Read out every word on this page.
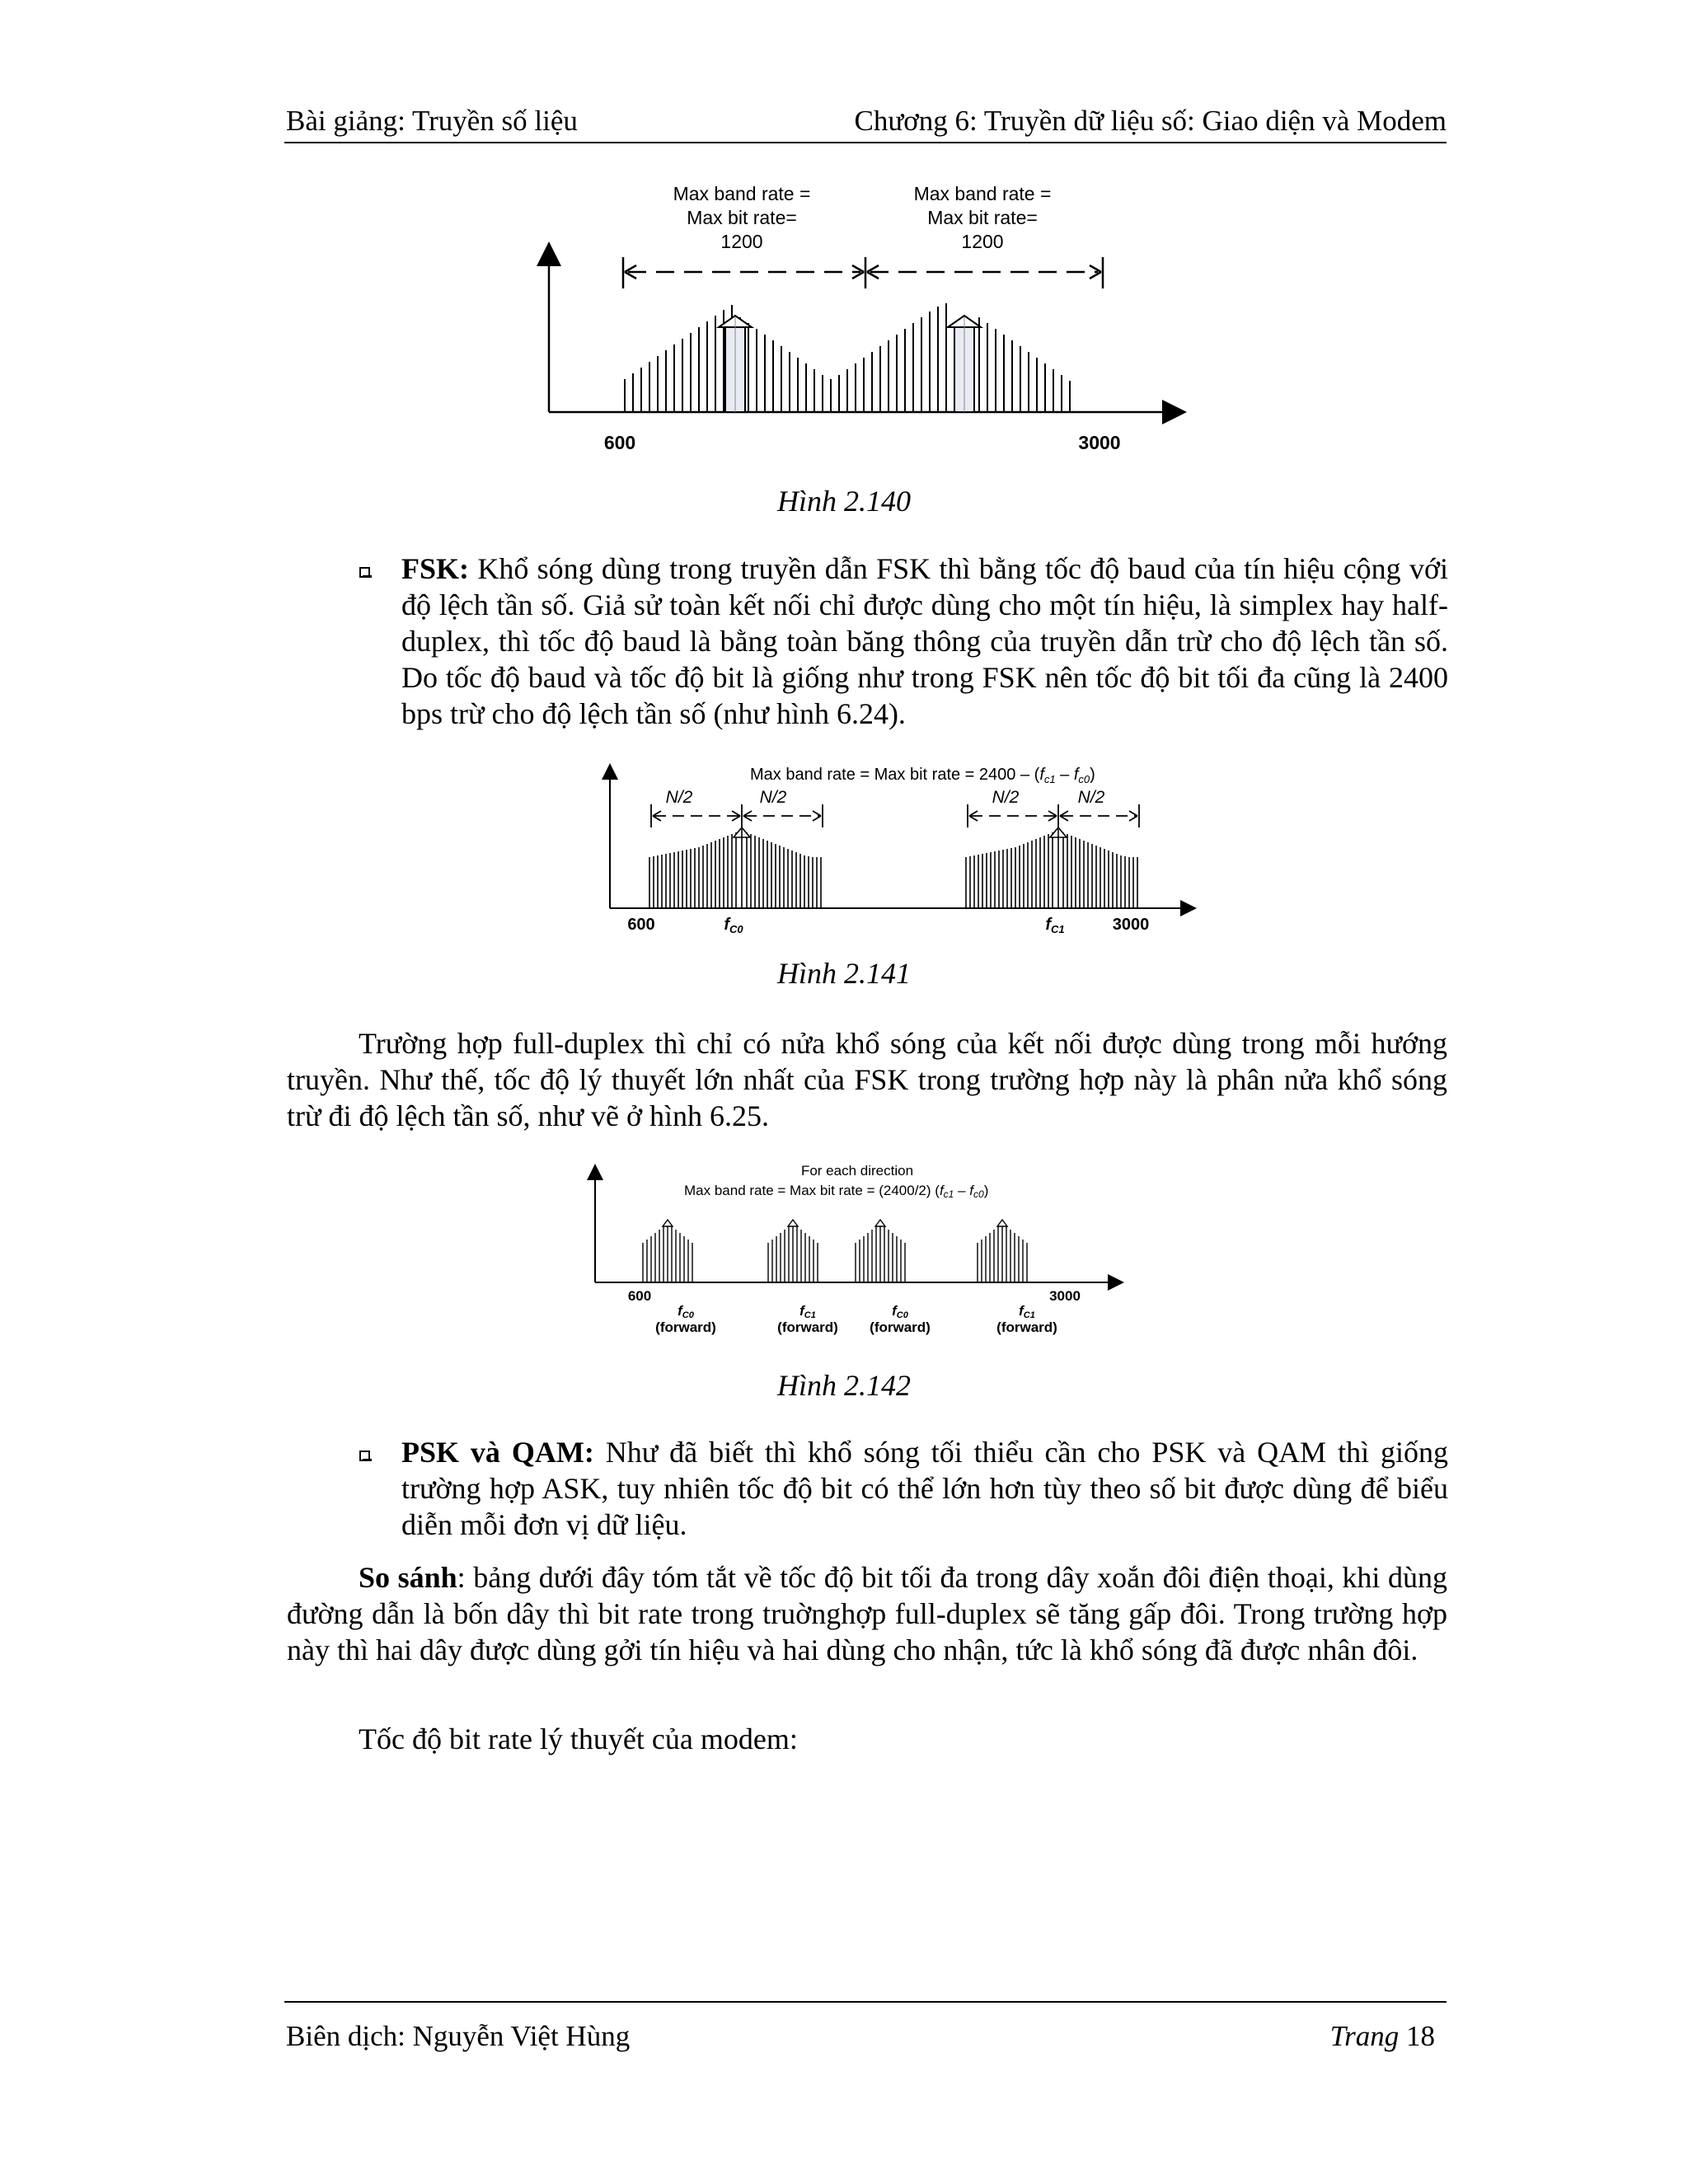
Bài giảng: Truyền số liệu	Chương 6: Truyền dữ liệu số: Giao diện và Modem
Max band rate =
Max bit rate=
1200
Max band rate =
Max bit rate=
1200
600	3000
Hình 2.140
FSK: Khổ sóng dùng trong truyền dẫn FSK thì bằng tốc độ baud của tín hiệu cộng với độ lệch tần số. Giả sử toàn kết nối chỉ được dùng cho một tín hiệu, là simplex hay half-duplex, thì tốc độ baud là bằng toàn băng thông của truyền dẫn trừ cho độ lệch tần số. Do tốc độ baud và tốc độ bit là giống như trong FSK nên tốc độ bit tối đa cũng là 2400 bps trừ cho độ lệch tần số (như hình 6.24).
Max band rate = Max bit rate = $2400 - (f_{c1} - f_{c0})$
N/2	N/2	N/2	N/2
600	$f_{C0}$	$f_{C1}$	3000
Hình 2.141
Trường hợp full-duplex thì chỉ có nửa khổ sóng của kết nối được dùng trong mỗi hướng truyền. Như thế, tốc độ lý thuyết lớn nhất của FSK trong trường hợp này là phân nửa khổ sóng trừ đi độ lệch tần số, như vẽ ở hình 6.25.
For each direction
Max band rate = Max bit rate = (2400/2) (fc1 – fc0)
600	3000
fC0
(forward)
fC1
(forward)
fC0
(forward)
fC1
(forward)
Hình 2.142
PSK và QAM: Như đã biết thì khổ sóng tối thiểu cần cho PSK và QAM thì giống trường hợp ASK, tuy nhiên tốc độ bit có thể lớn hơn tùy theo số bit được dùng để biểu diễn mỗi đơn vị dữ liệu.
So sánh: bảng dưới đây tóm tắt về tốc độ bit tối đa trong dây xoắn đôi điện thoại, khi dùng đường dẫn là bốn dây thì bit rate trong truờnghợp full-duplex sẽ tăng gấp đôi. Trong trường hợp này thì hai dây được dùng gởi tín hiệu và hai dùng cho nhận, tức là khổ sóng đã được nhân đôi.
Tốc độ bit rate lý thuyết của modem:
Biên dịch: Nguyễn Việt Hùng	Trang 18
